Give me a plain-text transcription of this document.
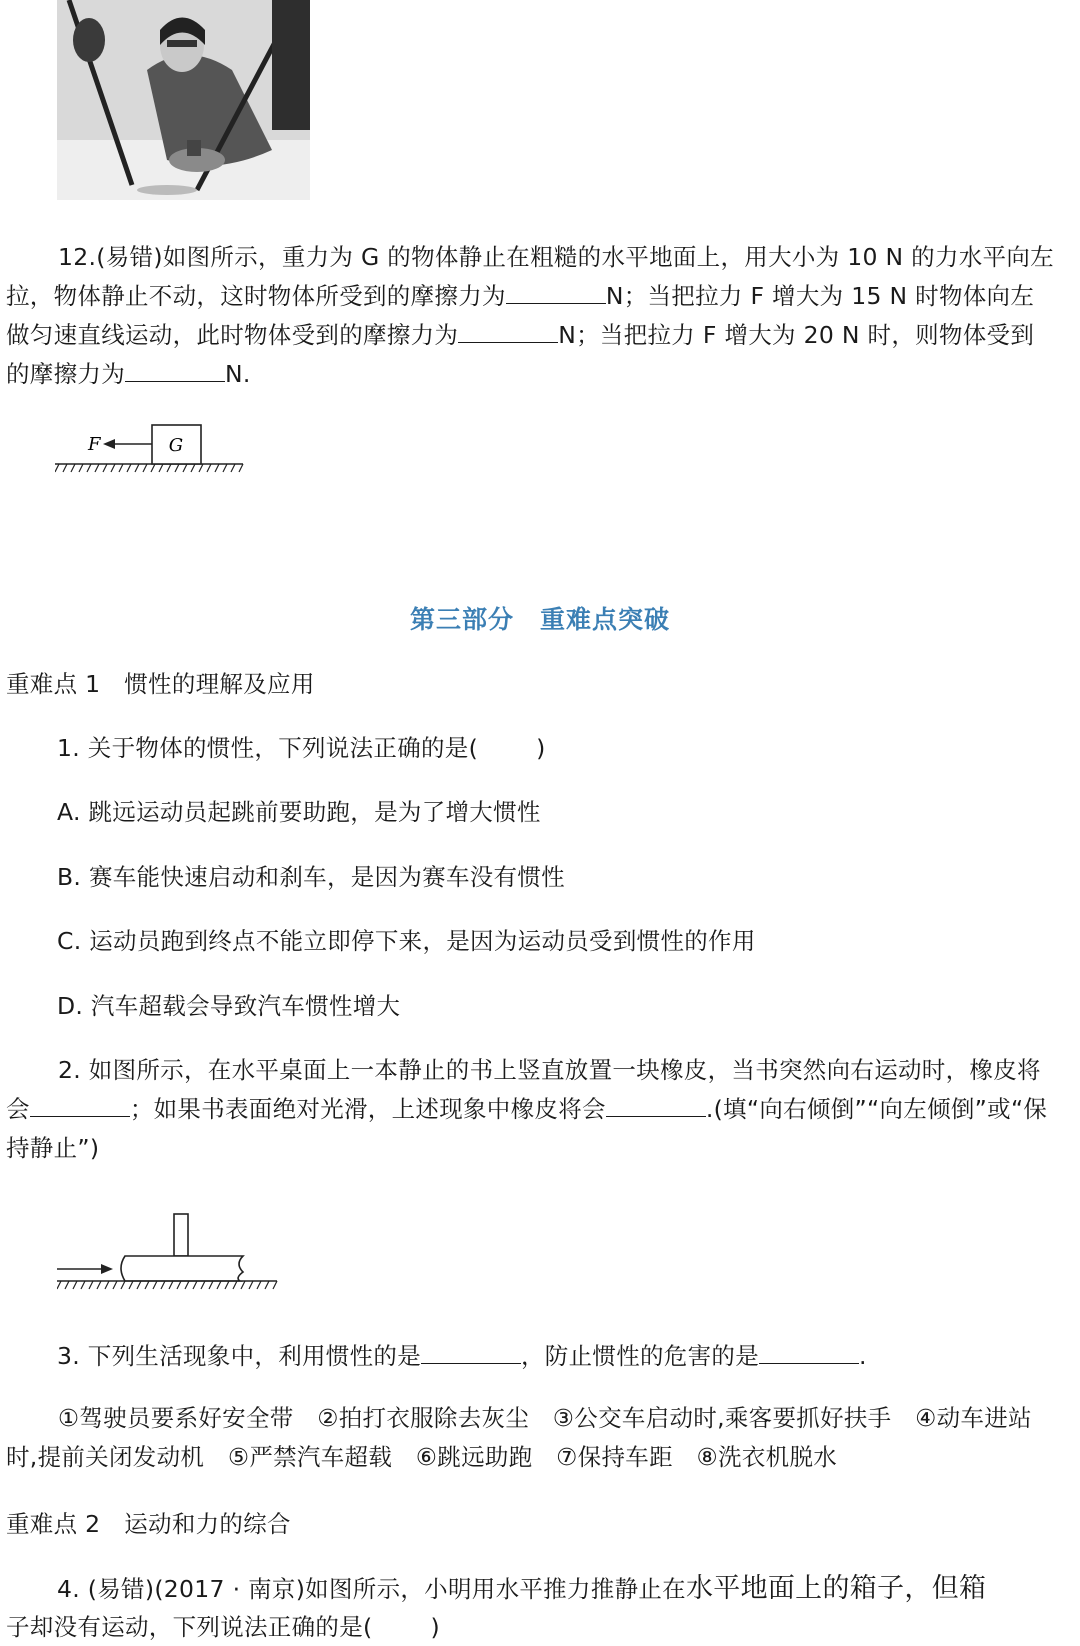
12.(易错)如图所示，重力为 G 的物体静止在粗糙的水平地面上，用大小为 10 N 的力水平向左拉，物体静止不动，这时物体所受到的摩擦力为	N；当把拉力 F 增大为 15 N 时物体向左做匀速直线运动，此时物体受到的摩擦力为	N；当把拉力 F 增大为 20 N 时，则物体受到的摩擦力为	N.
G
F
第三部分　重难点突破
重难点 1　惯性的理解及应用
1. 关于物体的惯性，下列说法正确的是( )
A. 跳远运动员起跳前要助跑，是为了增大惯性
B. 赛车能快速启动和刹车，是因为赛车没有惯性
C. 运动员跑到终点不能立即停下来，是因为运动员受到惯性的作用
D. 汽车超载会导致汽车惯性增大
2. 如图所示，在水平桌面上一本静止的书上竖直放置一块橡皮，当书突然向右运动时，橡皮将会	；如果书表面绝对光滑，上述现象中橡皮将会	.(填“向右倾倒”“向左倾倒”或“保持静止”)
3. 下列生活现象中，利用惯性的是	，防止惯性的危害的是	.
①驾驶员要系好安全带　②拍打衣服除去灰尘　③公交车启动时,乘客要抓好扶手　④动车进站时,提前关闭发动机　⑤严禁汽车超载　⑥跳远助跑　⑦保持车距　⑧洗衣机脱水
重难点 2　运动和力的综合
4. (易错)(2017 · 南京)如图所示，小明用水平推力推静止在水平地面上的箱子，但箱
子却没有运动，下列说法正确的是( )
